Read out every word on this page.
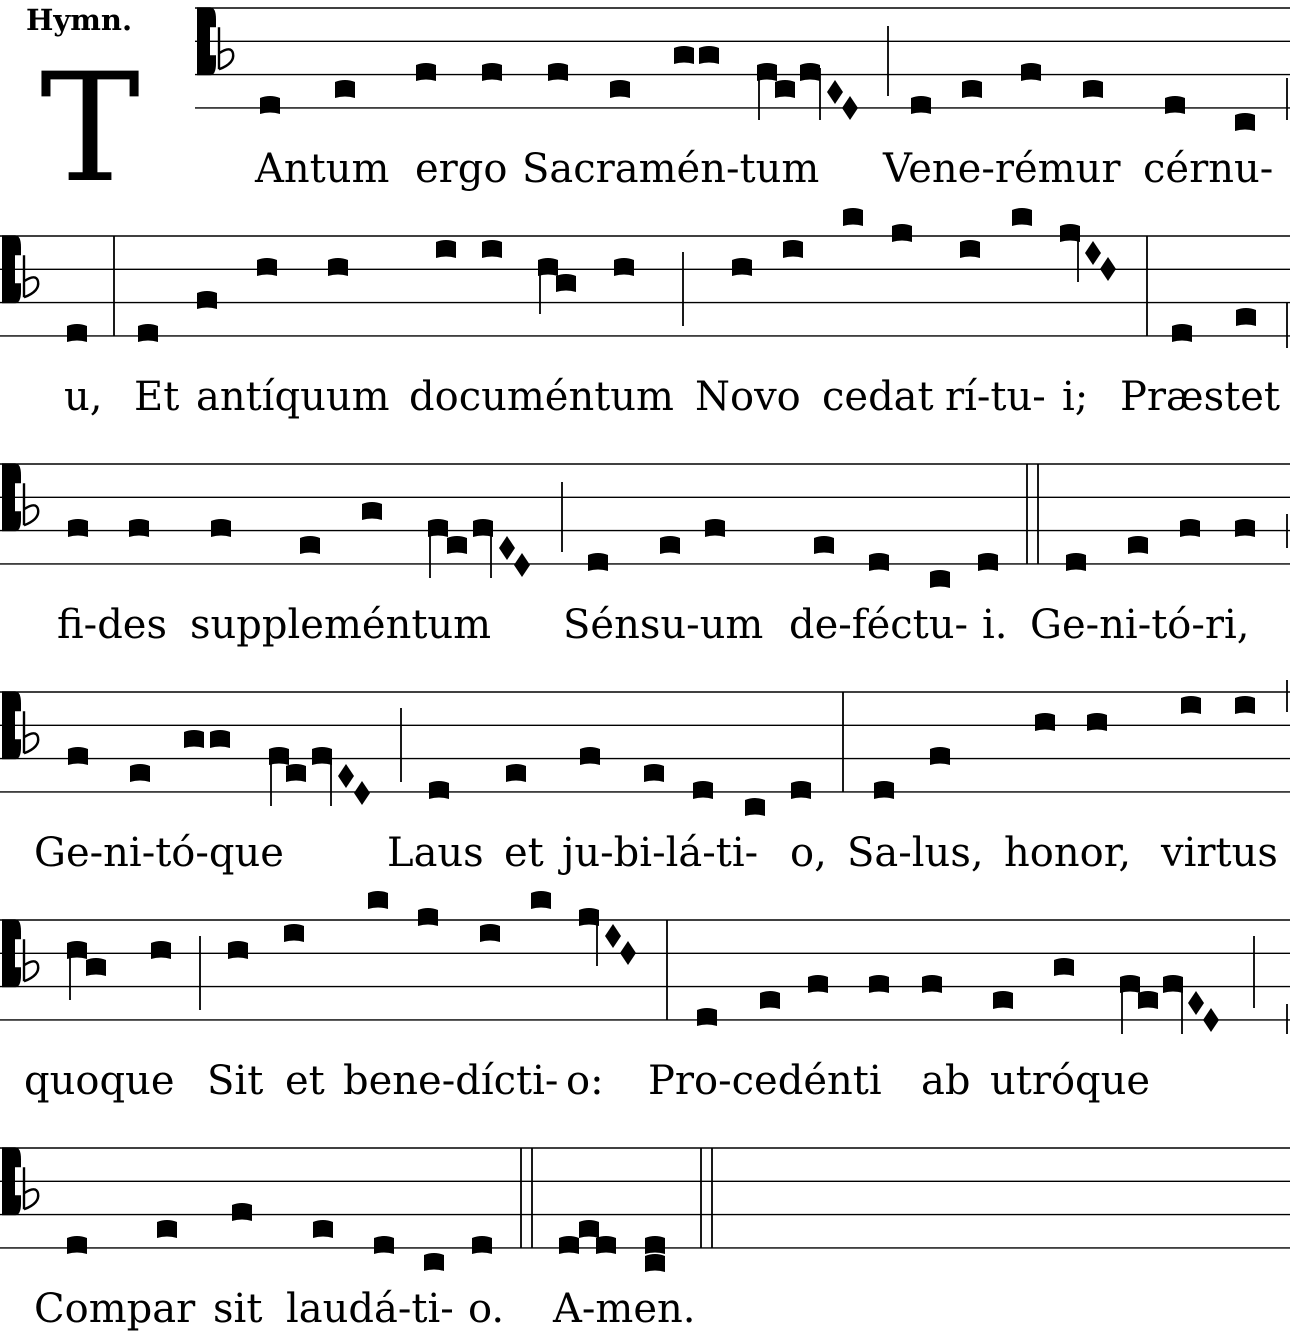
Hymn.
T	Antum ergo Sacramén-tum Vene-rémur cérnu-
u, Et antíquum documéntum Novo cedat rí-tu- i; Præstet
fi-des suppleméntum Sénsu-um de-féctu- i. Ge-ni-tó-ri,
Ge-ni-tó-que	Laus et ju-bi-lá-ti- o, Sa-lus, honor, virtus
quoque Sit et bene-dícti- o: Pro-cedénti ab utróque
Compar sit laudá-ti- o. A-men.
